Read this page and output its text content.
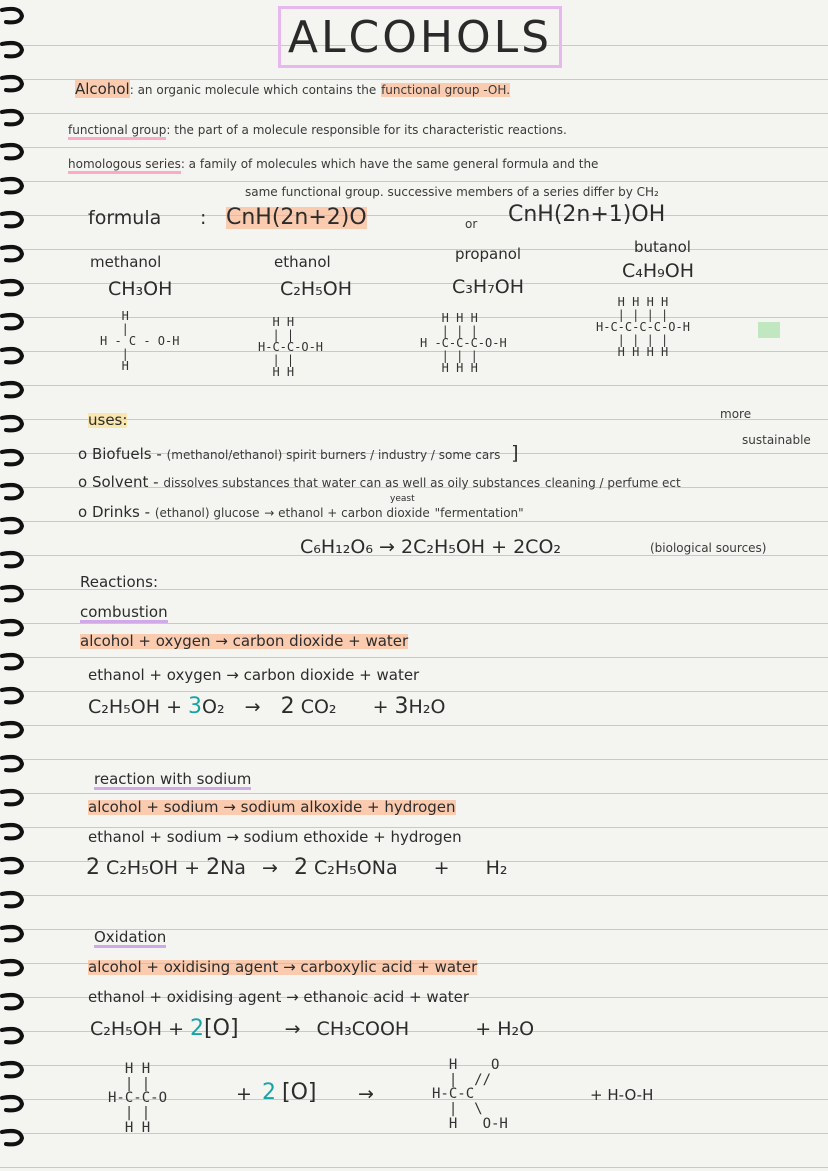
ALCOHOLS
Alcohol: an organic molecule which contains the functional group -OH.
functional group: the part of a molecule responsible for its characteristic reactions.
homologous series: a family of molecules which have the same general formula and the
same functional group. successive members of a series differ by CH₂
formula : CnH(2n+2)O	or CnH(2n+1)OH
methanol
CH₃OH
H
|
H - C - O-H
|
H
ethanol
C₂H₅OH
H H
| |
H-C-C-O-H
| |
H H
propanol
C₃H₇OH
H H H
| | |
H -C-C-C-O-H
| | |
H H H
butanol
C₄H₉OH
H H H H
| | | |
H-C-C-C-C-O-H
| | | |
H H H H
uses:	more
sustainable
o Biofuels - (methanol/ethanol) spirit burners / industry / some cars ]
o Solvent - dissolves substances that water can as well as oily substances cleaning / perfume ect
o Drinks - (ethanol) glucose → ethanol + carbon dioxide "fermentation"
yeast
C₆H₁₂O₆ → 2C₂H₅OH + 2CO₂	(biological sources)
Reactions:
combustion
alcohol + oxygen → carbon dioxide + water
ethanol + oxygen → carbon dioxide + water
C₂H₅OH + 3O₂ → 2 CO₂ + 3H₂O
reaction with sodium
alcohol + sodium → sodium alkoxide + hydrogen
ethanol + sodium → sodium ethoxide + hydrogen
2 C₂H₅OH + 2Na → 2 C₂H₅ONa + H₂
Oxidation
alcohol + oxidising agent → carboxylic acid + water
ethanol + oxidising agent → ethanoic acid + water
C₂H₅OH + 2[O] → CH₃COOH	+ H₂O
H H
| |
H-C-C-O
| |
H H
+ 2 [O] →
H    O
|  //
H-C-C
|  \
H   O-H
+ H-O-H
